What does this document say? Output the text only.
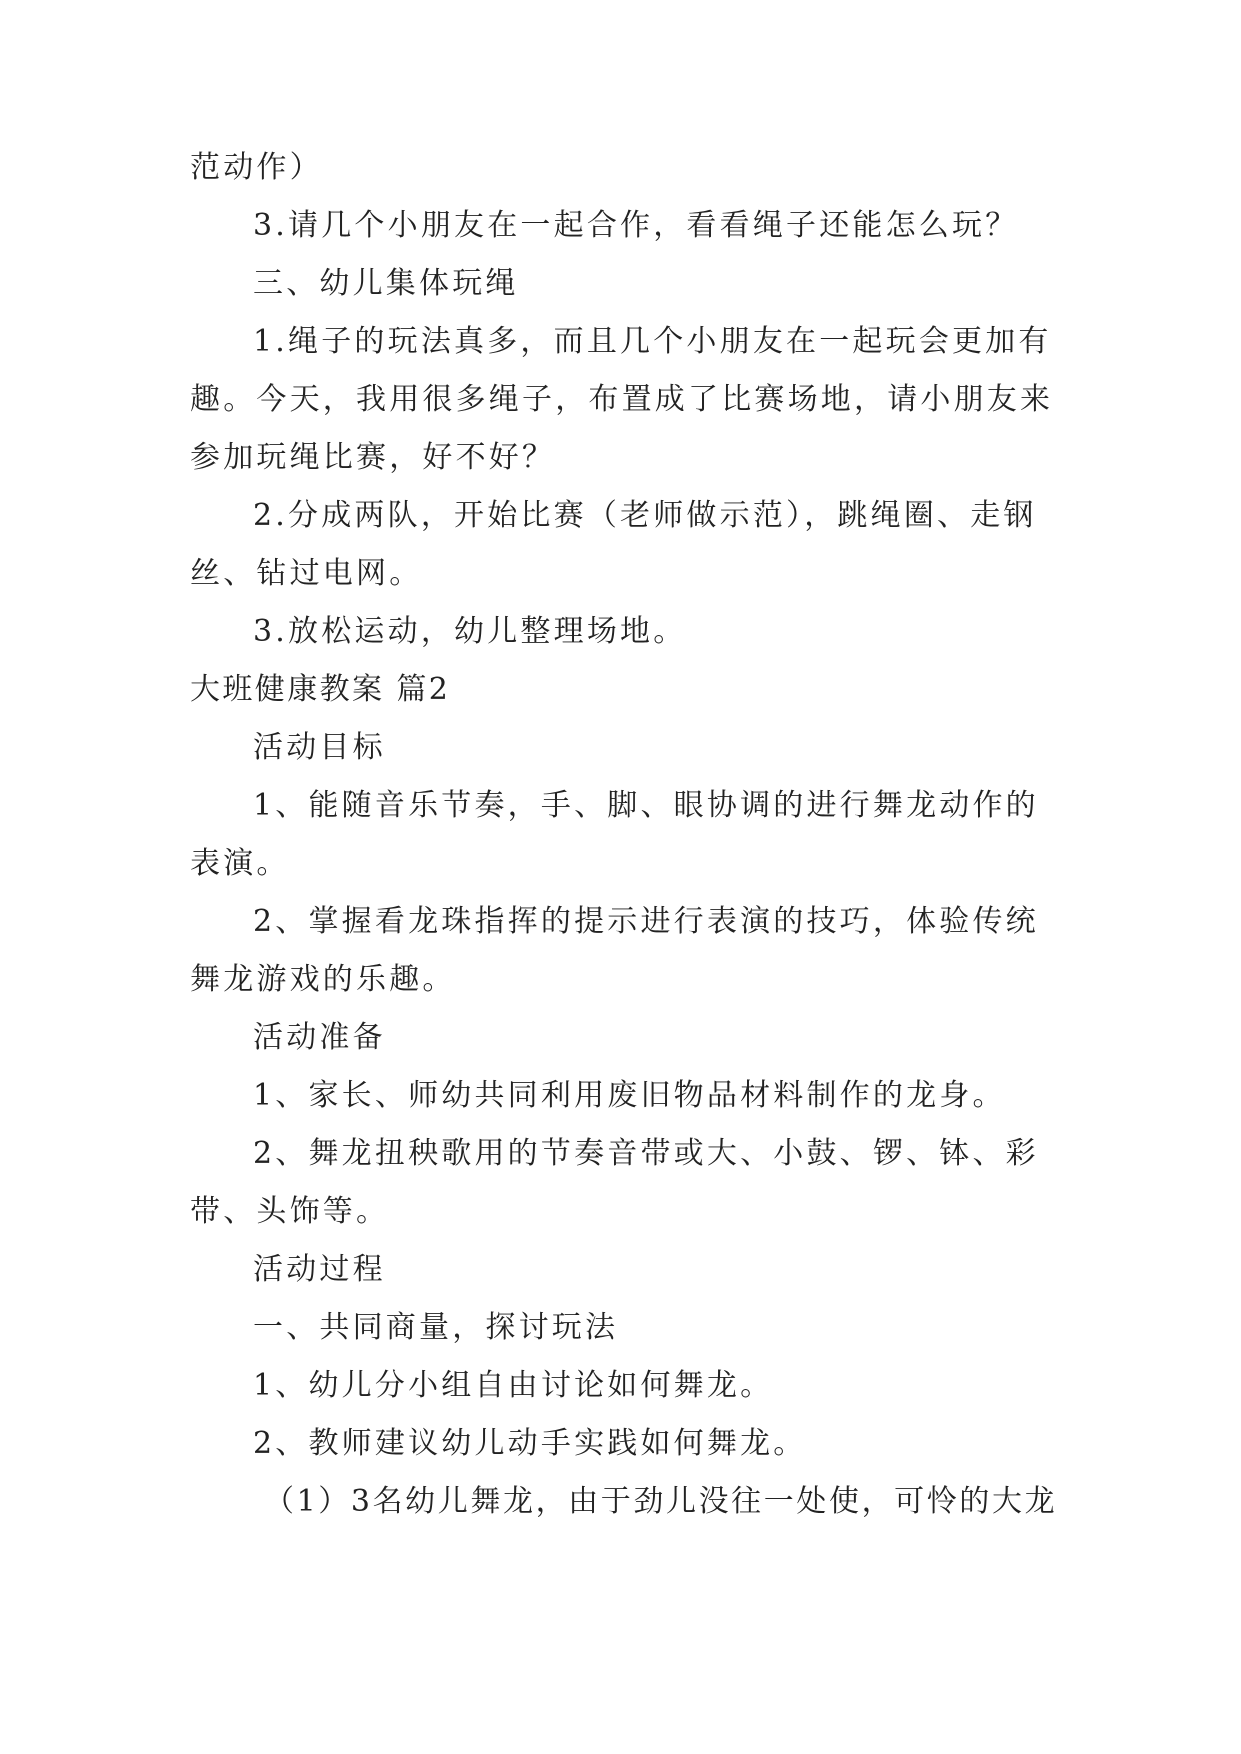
范动作）

3.请几个小朋友在一起合作，看看绳子还能怎么玩？

三、幼儿集体玩绳

1.绳子的玩法真多，而且几个小朋友在一起玩会更加有

趣。今天，我用很多绳子，布置成了比赛场地，请小朋友来

参加玩绳比赛，好不好？

2.分成两队，开始比赛（老师做示范），跳绳圈、走钢

丝、钻过电网。

3.放松运动，幼儿整理场地。

大班健康教案 篇2

活动目标

1、能随音乐节奏，手、脚、眼协调的进行舞龙动作的

表演。

2、掌握看龙珠指挥的提示进行表演的技巧，体验传统

舞龙游戏的乐趣。

活动准备

1、家长、师幼共同利用废旧物品材料制作的龙身。

2、舞龙扭秧歌用的节奏音带或大、小鼓、锣、钵、彩

带、头饰等。

活动过程

一、共同商量，探讨玩法

1、幼儿分小组自由讨论如何舞龙。

2、教师建议幼儿动手实践如何舞龙。

（1）3名幼儿舞龙，由于劲儿没往一处使，可怜的大龙
